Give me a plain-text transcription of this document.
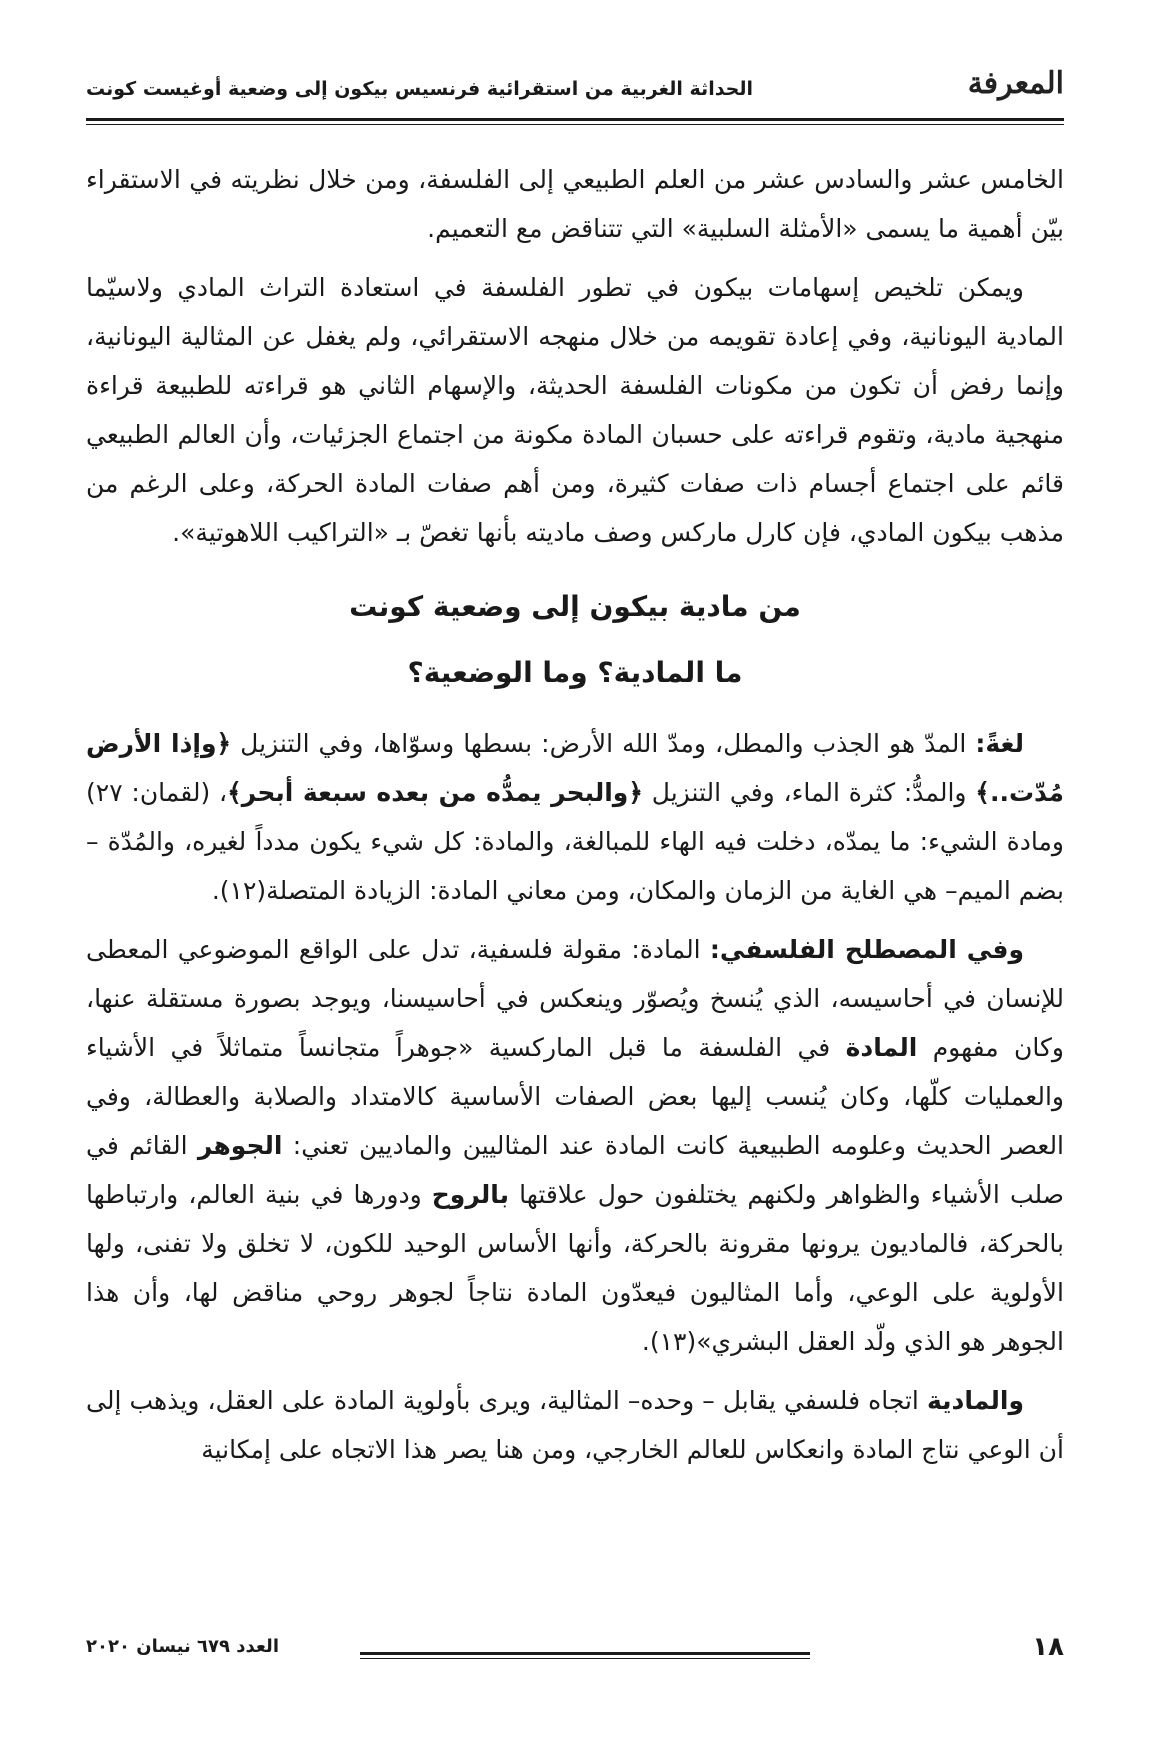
المعرفة
الحداثة الغربية من استقرائية فرنسيس بيكون إلى وضعية أوغيست كونت

الخامس عشر والسادس عشر من العلم الطبيعي إلى الفلسفة، ومن خلال نظريته في الاستقراء بيّن أهمية ما يسمى «الأمثلة السلبية» التي تتناقض مع التعميم.

ويمكن تلخيص إسهامات بيكون في تطور الفلسفة في استعادة التراث المادي ولاسيّما المادية اليونانية، وفي إعادة تقويمه من خلال منهجه الاستقرائي، ولم يغفل عن المثالية اليونانية، وإنما رفض أن تكون من مكونات الفلسفة الحديثة، والإسهام الثاني هو قراءته للطبيعة قراءة منهجية مادية، وتقوم قراءته على حسبان المادة مكونة من اجتماع الجزئيات، وأن العالم الطبيعي قائم على اجتماع أجسام ذات صفات كثيرة، ومن أهم صفات المادة الحركة، وعلى الرغم من مذهب بيكون المادي، فإن كارل ماركس وصف ماديته بأنها تغصّ بـ «التراكيب اللاهوتية».

من مادية بيكون إلى وضعية كونت
ما المادية؟ وما الوضعية؟

لغةً: المدّ هو الجذب والمطل، ومدّ الله الأرض: بسطها وسوّاها، وفي التنزيل ﴿وإذا الأرض مُدّت..﴾ والمدُّ: كثرة الماء، وفي التنزيل ﴿والبحر يمدُّه من بعده سبعة أبحر﴾، (لقمان: ٢٧) ومادة الشيء: ما يمدّه، دخلت فيه الهاء للمبالغة، والمادة: كل شيء يكون مدداً لغيره، والمُدّة – بضم الميم– هي الغاية من الزمان والمكان، ومن معاني المادة: الزيادة المتصلة(١٢).

وفي المصطلح الفلسفي: المادة: مقولة فلسفية، تدل على الواقع الموضوعي المعطى للإنسان في أحاسيسه، الذي يُنسخ ويُصوّر وينعكس في أحاسيسنا، ويوجد بصورة مستقلة عنها، وكان مفهوم المادة في الفلسفة ما قبل الماركسية «جوهراً متجانساً متماثلاً في الأشياء والعمليات كلّها، وكان يُنسب إليها بعض الصفات الأساسية كالامتداد والصلابة والعطالة، وفي العصر الحديث وعلومه الطبيعية كانت المادة عند المثاليين والماديين تعني: الجوهر القائم في صلب الأشياء والظواهر ولكنهم يختلفون حول علاقتها بالروح ودورها في بنية العالم، وارتباطها بالحركة، فالماديون يرونها مقرونة بالحركة، وأنها الأساس الوحيد للكون، لا تخلق ولا تفنى، ولها الأولوية على الوعي، وأما المثاليون فيعدّون المادة نتاجاً لجوهر روحي مناقض لها، وأن هذا الجوهر هو الذي ولّد العقل البشري»(١٣).

والمادية اتجاه فلسفي يقابل – وحده– المثالية، ويرى بأولوية المادة على العقل، ويذهب إلى أن الوعي نتاج المادة وانعكاس للعالم الخارجي، ومن هنا يصر هذا الاتجاه على إمكانية

١٨
العدد ٦٧٩ نيسان ٢٠٢٠
